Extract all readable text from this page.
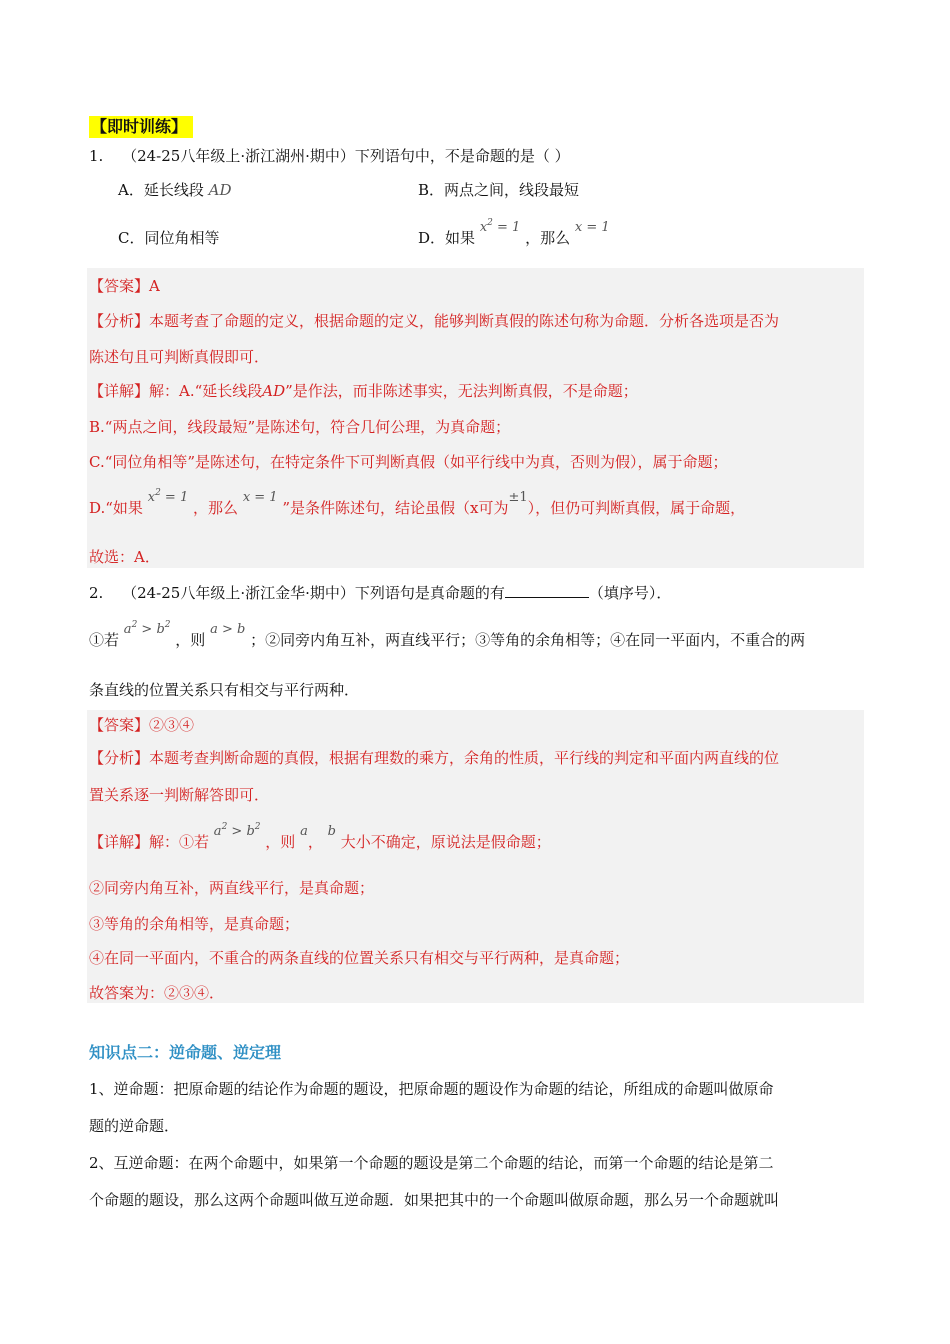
【即时训练】
1. （24-25八年级上·浙江湖州·期中）下列语句中，不是命题的是（ ）
A．延长线段 AD	B．两点之间，线段最短
C．同位角相等	D．如果 $x^2 = 1$ ，那么 x = 1
【答案】A
【分析】本题考查了命题的定义，根据命题的定义，能够判断真假的陈述句称为命题．分析各选项是否为
陈述句且可判断真假即可．
【详解】解：A.“延长线段AD”是作法，而非陈述事实，无法判断真假，不是命题；
B.“两点之间，线段最短”是陈述句，符合几何公理，为真命题；
C.“同位角相等”是陈述句，在特定条件下可判断真假（如平行线中为真，否则为假），属于命题；
D.“如果 $x^2 = 1$ ，那么 x = 1 ”是条件陈述句，结论虽假（x可为±1），但仍可判断真假，属于命题，
故选：A．
2. （24-25八年级上·浙江金华·期中）下列语句是真命题的有	（填序号）．
①若 $a^2 > b^2$ ，则 a > b ；②同旁内角互补，两直线平行；③等角的余角相等；④在同一平面内，不重合的两
条直线的位置关系只有相交与平行两种．
【答案】②③④
【分析】本题考查判断命题的真假，根据有理数的乘方，余角的性质，平行线的判定和平面内两直线的位
置关系逐一判断解答即可．
【详解】解：①若 $a^2 > b^2$ ，则 a， b 大小不确定，原说法是假命题；
②同旁内角互补，两直线平行，是真命题；
③等角的余角相等，是真命题；
④在同一平面内，不重合的两条直线的位置关系只有相交与平行两种，是真命题；
故答案为：②③④．
知识点二：逆命题、逆定理
1、逆命题：把原命题的结论作为命题的题设，把原命题的题设作为命题的结论，所组成的命题叫做原命
题的逆命题．
2、互逆命题：在两个命题中，如果第一个命题的题设是第二个命题的结论，而第一个命题的结论是第二
个命题的题设，那么这两个命题叫做互逆命题．如果把其中的一个命题叫做原命题，那么另一个命题就叫
